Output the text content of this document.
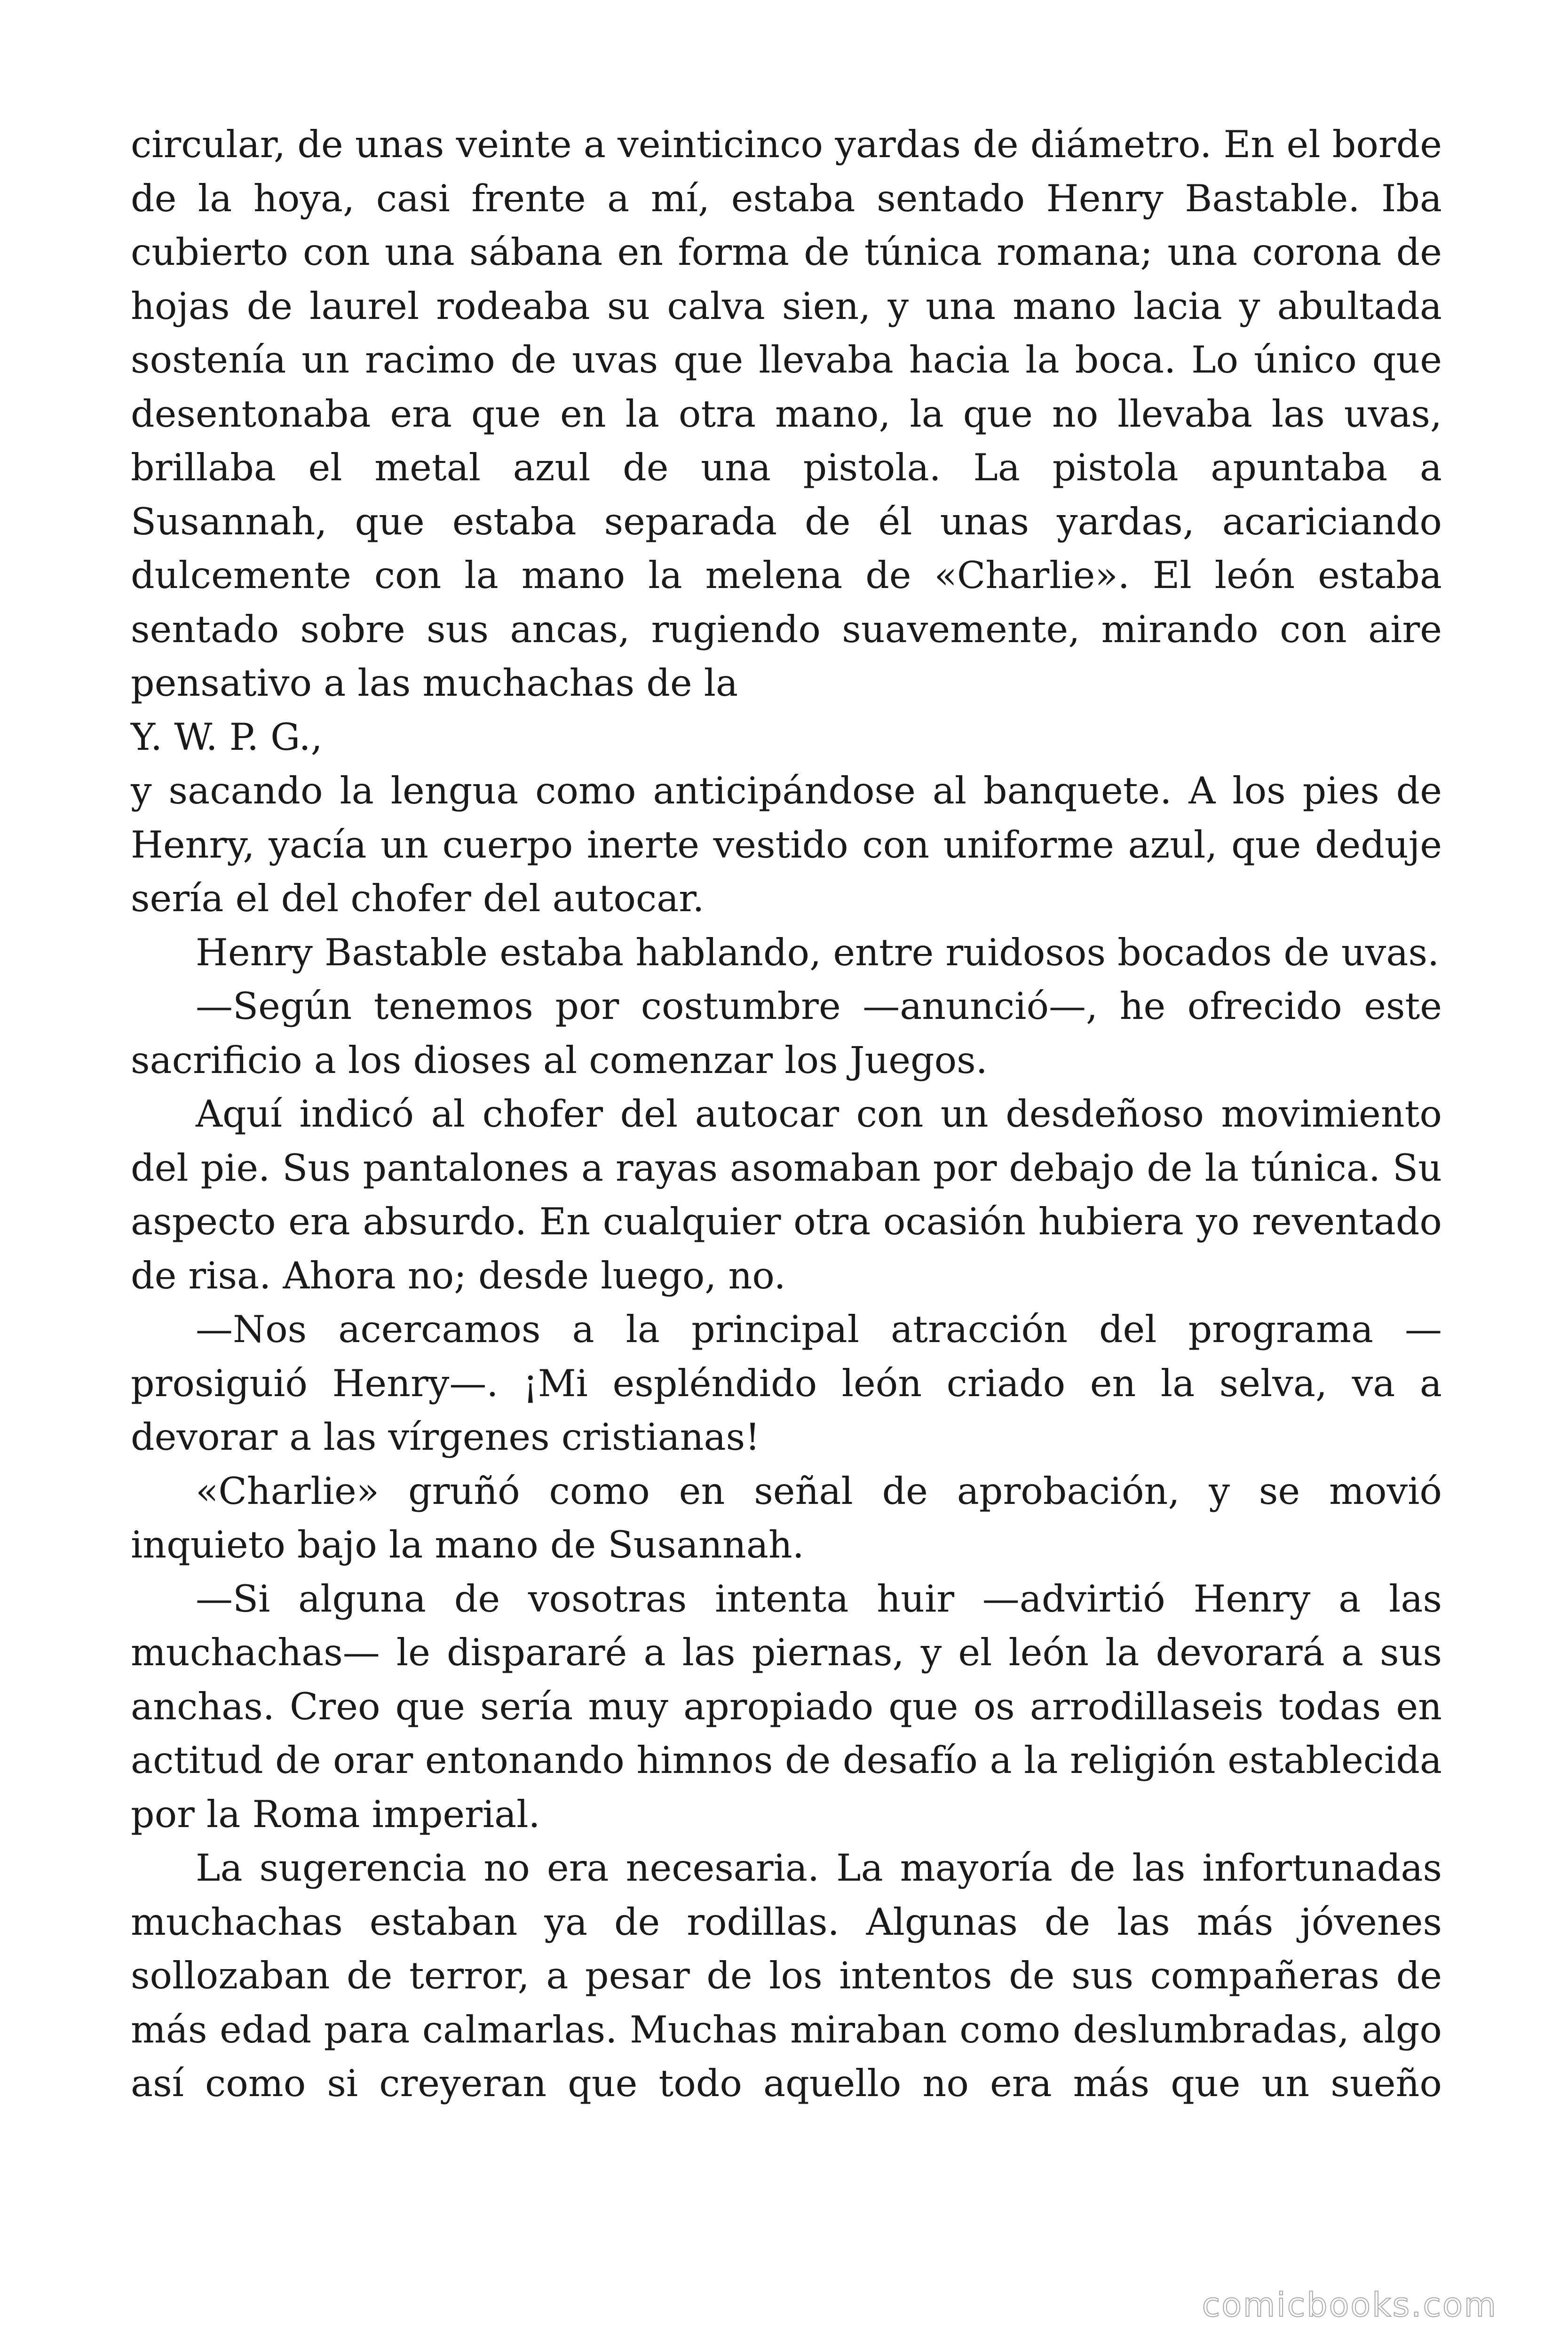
circular, de unas veinte a veinticinco yardas de diámetro. En el borde de la hoya, casi frente a mí, estaba sentado Henry Bastable. Iba cubierto con una sábana en forma de túnica romana; una corona de hojas de laurel rodeaba su calva sien, y una mano lacia y abultada sostenía un racimo de uvas que llevaba hacia la boca. Lo único que desentonaba era que en la otra mano, la que no llevaba las uvas, brillaba el metal azul de una pistola. La pistola apuntaba a Susannah, que estaba separada de él unas yardas, acariciando dulcemente con la mano la melena de «Charlie». El león estaba sentado sobre sus ancas, rugiendo suavemente, mirando con aire pensativo a las muchachas de la

Y. W. P. G.,

y sacando la lengua como anticipándose al banquete. A los pies de Henry, yacía un cuerpo inerte vestido con uniforme azul, que deduje sería el del chofer del autocar.

Henry Bastable estaba hablando, entre ruidosos bocados de uvas.

—Según tenemos por costumbre —anunció—, he ofrecido este sacrificio a los dioses al comenzar los Juegos.

Aquí indicó al chofer del autocar con un desdeñoso movimiento del pie. Sus pantalones a rayas asomaban por debajo de la túnica. Su aspecto era absurdo. En cualquier otra ocasión hubiera yo reventado de risa. Ahora no; desde luego, no.

—Nos acercamos a la principal atracción del programa —prosiguió Henry—. ¡Mi espléndido león criado en la selva, va a devorar a las vírgenes cristianas!

«Charlie» gruñó como en señal de aprobación, y se movió inquieto bajo la mano de Susannah.

—Si alguna de vosotras intenta huir —advirtió Henry a las muchachas— le dispararé a las piernas, y el león la devorará a sus anchas. Creo que sería muy apropiado que os arrodillaseis todas en actitud de orar entonando himnos de desafío a la religión establecida por la Roma imperial.

La sugerencia no era necesaria. La mayoría de las infortunadas muchachas estaban ya de rodillas. Algunas de las más jóvenes sollozaban de terror, a pesar de los intentos de sus compañeras de más edad para calmarlas. Muchas miraban como deslumbradas, algo así como si creyeran que todo aquello no era más que un sueño

comicbooks.com
